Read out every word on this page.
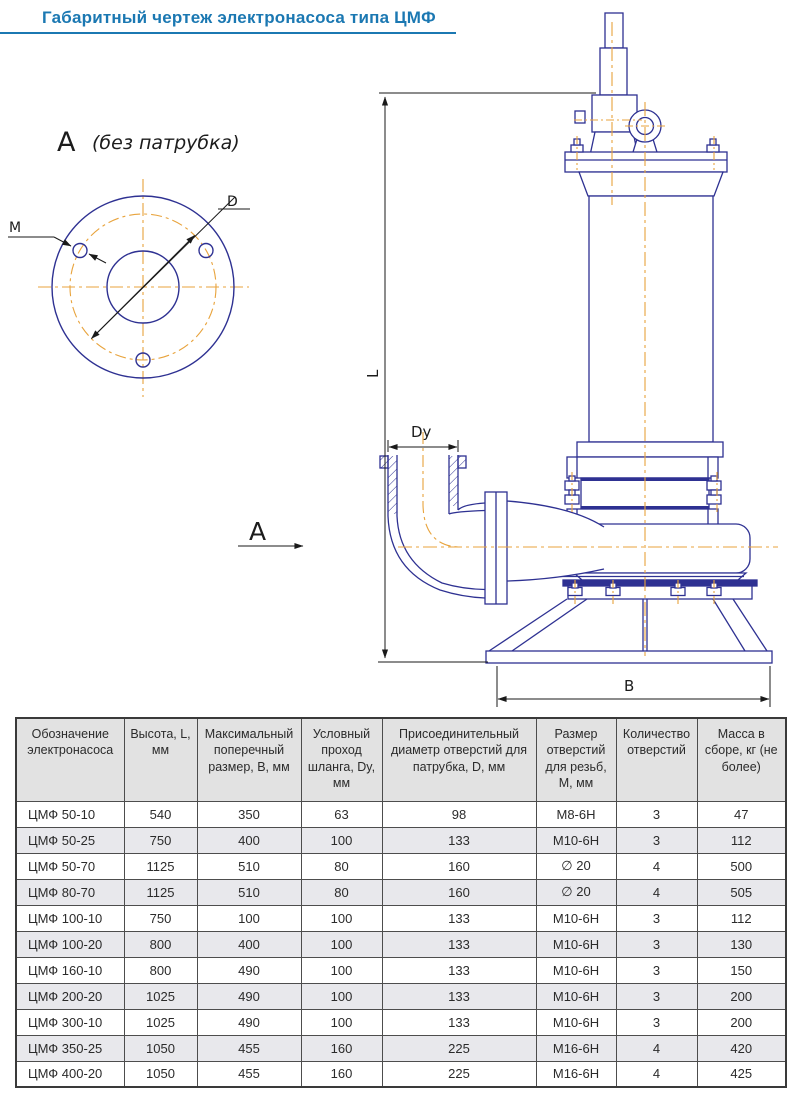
А (без патрубка)
M
D
L
Dy
B
А
Габаритный чертеж электронасоса типа ЦМФ
Обозначение электронасоса	Высота, L, мм	Максимальный поперечный размер, В, мм	Условный проход шланга, Dy, мм	Присоединительный диаметр отверстий для патрубка, D, мм	Размер отверстий для резьб, М, мм	Количество отверстий	Масса в сборе, кг (не более)
ЦМФ 50-10	540	350	63	98	М8-6Н	3	47
ЦМФ 50-25	750	400	100	133	М10-6Н	3	112
ЦМФ 50-70	1125	510	80	160	∅ 20	4	500
ЦМФ 80-70	1125	510	80	160	∅ 20	4	505
ЦМФ 100-10	750	100	100	133	М10-6Н	3	112
ЦМФ 100-20	800	400	100	133	М10-6Н	3	130
ЦМФ 160-10	800	490	100	133	М10-6Н	3	150
ЦМФ 200-20	1025	490	100	133	М10-6Н	3	200
ЦМФ 300-10	1025	490	100	133	М10-6Н	3	200
ЦМФ 350-25	1050	455	160	225	М16-6Н	4	420
ЦМФ 400-20	1050	455	160	225	М16-6Н	4	425
